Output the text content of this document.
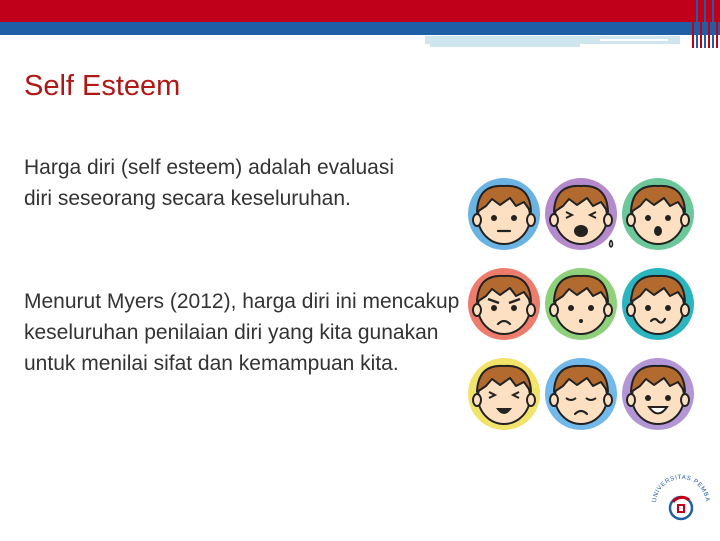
Self Esteem

Harga diri (self esteem) adalah evaluasi diri seseorang secara keseluruhan.

Menurut Myers (2012), harga diri ini mencakup keseluruhan penilaian diri yang kita gunakan untuk menilai sifat dan kemampuan kita.

UNIVERSITAS PEMBA
